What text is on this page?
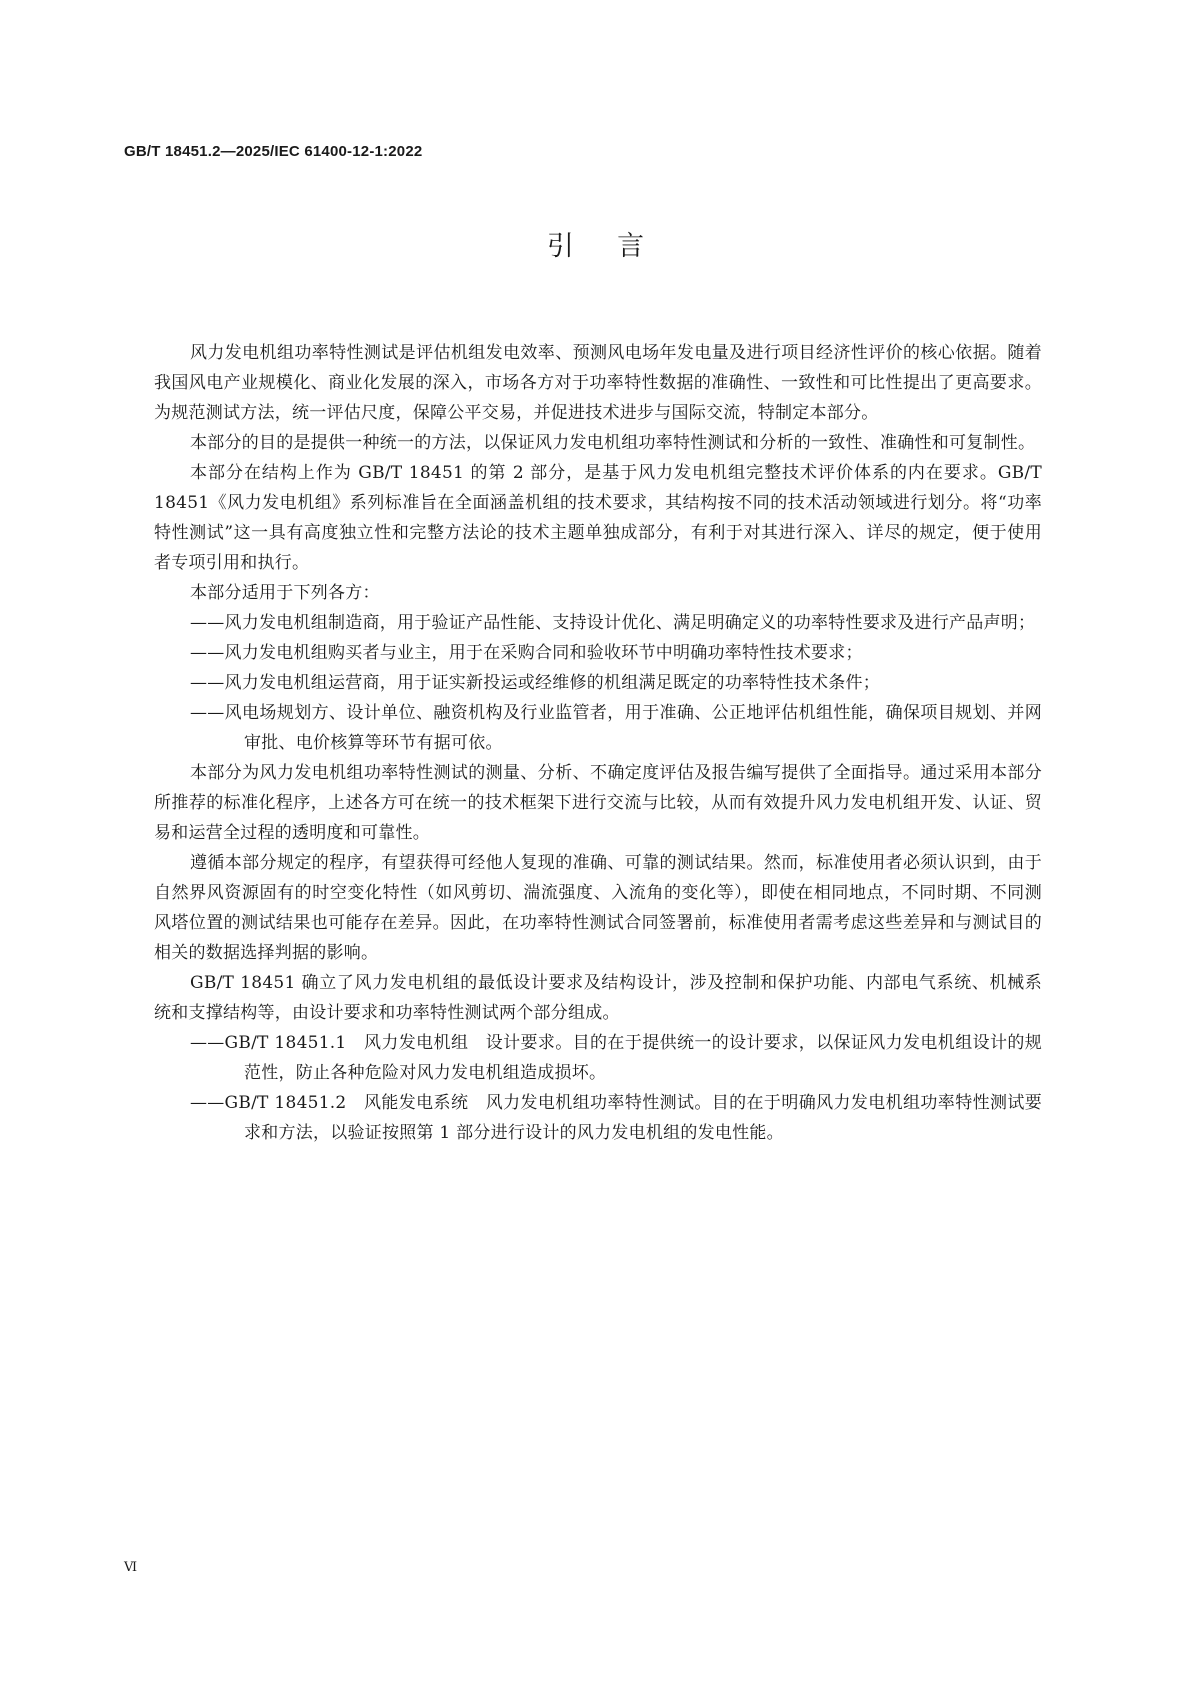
GB/T 18451.2—2025/IEC 61400-12-1:2022
引言

风力发电机组功率特性测试是评估机组发电效率、预测风电场年发电量及进行项目经济性评价的核心依据。随着我国风电产业规模化、商业化发展的深入，市场各方对于功率特性数据的准确性、一致性和可比性提出了更高要求。为规范测试方法，统一评估尺度，保障公平交易，并促进技术进步与国际交流，特制定本部分。

本部分的目的是提供一种统一的方法，以保证风力发电机组功率特性测试和分析的一致性、准确性和可复制性。

本部分在结构上作为 GB/T 18451 的第 2 部分，是基于风力发电机组完整技术评价体系的内在要求。GB/T 18451《风力发电机组》系列标准旨在全面涵盖机组的技术要求，其结构按不同的技术活动领域进行划分。将“功率特性测试”这一具有高度独立性和完整方法论的技术主题单独成部分，有利于对其进行深入、详尽的规定，便于使用者专项引用和执行。

本部分适用于下列各方：

——风力发电机组制造商，用于验证产品性能、支持设计优化、满足明确定义的功率特性要求及进行产品声明；

——风力发电机组购买者与业主，用于在采购合同和验收环节中明确功率特性技术要求；

——风力发电机组运营商，用于证实新投运或经维修的机组满足既定的功率特性技术条件；

——风电场规划方、设计单位、融资机构及行业监管者，用于准确、公正地评估机组性能，确保项目规划、并网审批、电价核算等环节有据可依。

本部分为风力发电机组功率特性测试的测量、分析、不确定度评估及报告编写提供了全面指导。通过采用本部分所推荐的标准化程序，上述各方可在统一的技术框架下进行交流与比较，从而有效提升风力发电机组开发、认证、贸易和运营全过程的透明度和可靠性。

遵循本部分规定的程序，有望获得可经他人复现的准确、可靠的测试结果。然而，标准使用者必须认识到，由于自然界风资源固有的时空变化特性（如风剪切、湍流强度、入流角的变化等），即使在相同地点，不同时期、不同测风塔位置的测试结果也可能存在差异。因此，在功率特性测试合同签署前，标准使用者需考虑这些差异和与测试目的相关的数据选择判据的影响。

GB/T 18451 确立了风力发电机组的最低设计要求及结构设计，涉及控制和保护功能、内部电气系统、机械系统和支撑结构等，由设计要求和功率特性测试两个部分组成。

——GB/T 18451.1　风力发电机组　设计要求。目的在于提供统一的设计要求，以保证风力发电机组设计的规范性，防止各种危险对风力发电机组造成损坏。

——GB/T 18451.2　风能发电系统　风力发电机组功率特性测试。目的在于明确风力发电机组功率特性测试要求和方法，以验证按照第 1 部分进行设计的风力发电机组的发电性能。

Ⅵ
